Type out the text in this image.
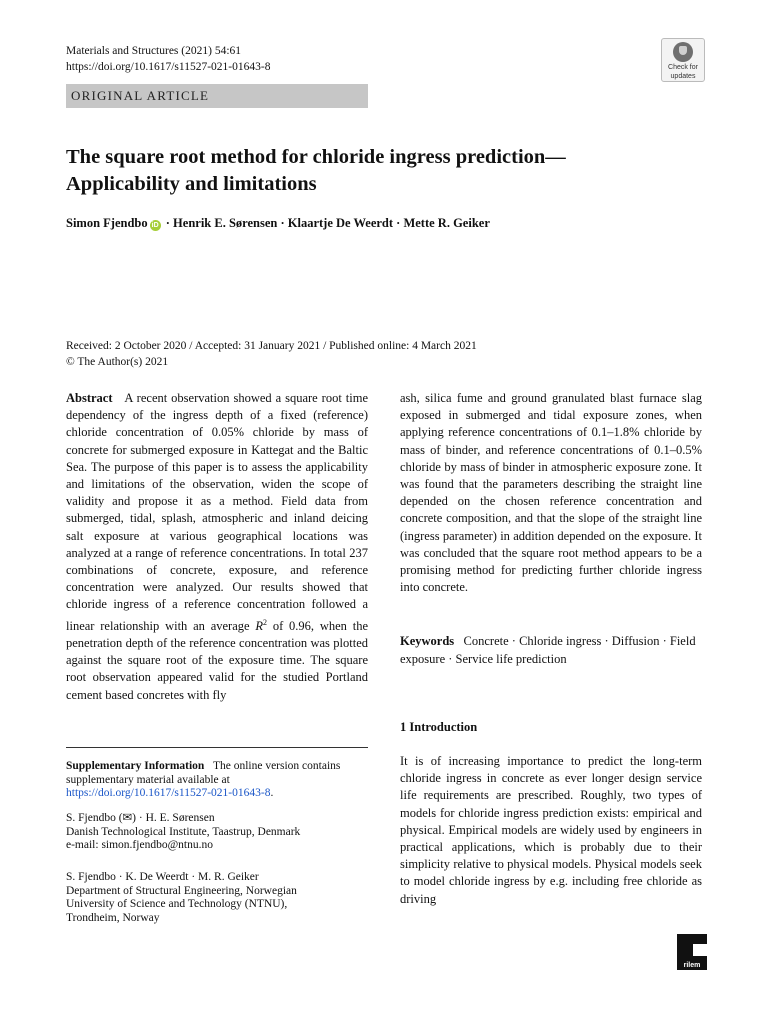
Materials and Structures (2021) 54:61
https://doi.org/10.1617/s11527-021-01643-8	Check for
updates
ORIGINAL ARTICLE
The square root method for chloride ingress prediction—
Applicability and limitations
Simon Fjendbo iD · Henrik E. Sørensen · Klaartje De Weerdt · Mette R. Geiker
Received: 2 October 2020 / Accepted: 31 January 2021 / Published online: 4 March 2021
© The Author(s) 2021

Abstract A recent observation showed a square root time dependency of the ingress depth of a fixed (reference) chloride concentration of 0.05% chloride by mass of concrete for submerged exposure in Kattegat and the Baltic Sea. The purpose of this paper is to assess the applicability and limitations of the observation, widen the scope of validity and propose it as a method. Field data from submerged, tidal, splash, atmospheric and inland deicing salt exposure at various geographical locations was analyzed at a range of reference concentrations. In total 237 combinations of concrete, exposure, and reference concentration were analyzed. Our results showed that chloride ingress of a reference concentration followed a linear relationship with an average $R^2$ of 0.96, when the penetration depth of the reference concentration was plotted against the square root of the exposure time. The square root observation appeared valid for the studied Portland cement based concretes with fly

ash, silica fume and ground granulated blast furnace slag exposed in submerged and tidal exposure zones, when applying reference concentrations of 0.1–1.8% chloride by mass of binder, and reference concentrations of 0.1–0.5% chloride by mass of binder in atmospheric exposure zone. It was found that the parameters describing the straight line depended on the chosen reference concentration and concrete composition, and that the slope of the straight line (ingress parameter) in addition depended on the exposure. It was concluded that the square root method appears to be a promising method for predicting further chloride ingress into concrete.

Keywords Concrete · Chloride ingress · Diffusion · Field exposure · Service life prediction
1 Introduction
It is of increasing importance to predict the long-term chloride ingress in concrete as ever longer design service life requirements are prescribed. Roughly, two types of models for chloride ingress prediction exists: empirical and physical. Empirical models are widely used by engineers in practical applications, which is probably due to their simplicity relative to physical models. Physical models seek to model chloride ingress by e.g. including free chloride as driving
Supplementary Information The online version contains supplementary material available at https://doi.org/10.1617/s11527-021-01643-8.
S. Fjendbo (✉) · H. E. Sørensen
Danish Technological Institute, Taastrup, Denmark
e-mail: simon.fjendbo@ntnu.no
S. Fjendbo · K. De Weerdt · M. R. Geiker
Department of Structural Engineering, Norwegian
University of Science and Technology (NTNU),
Trondheim, Norway
rilem
